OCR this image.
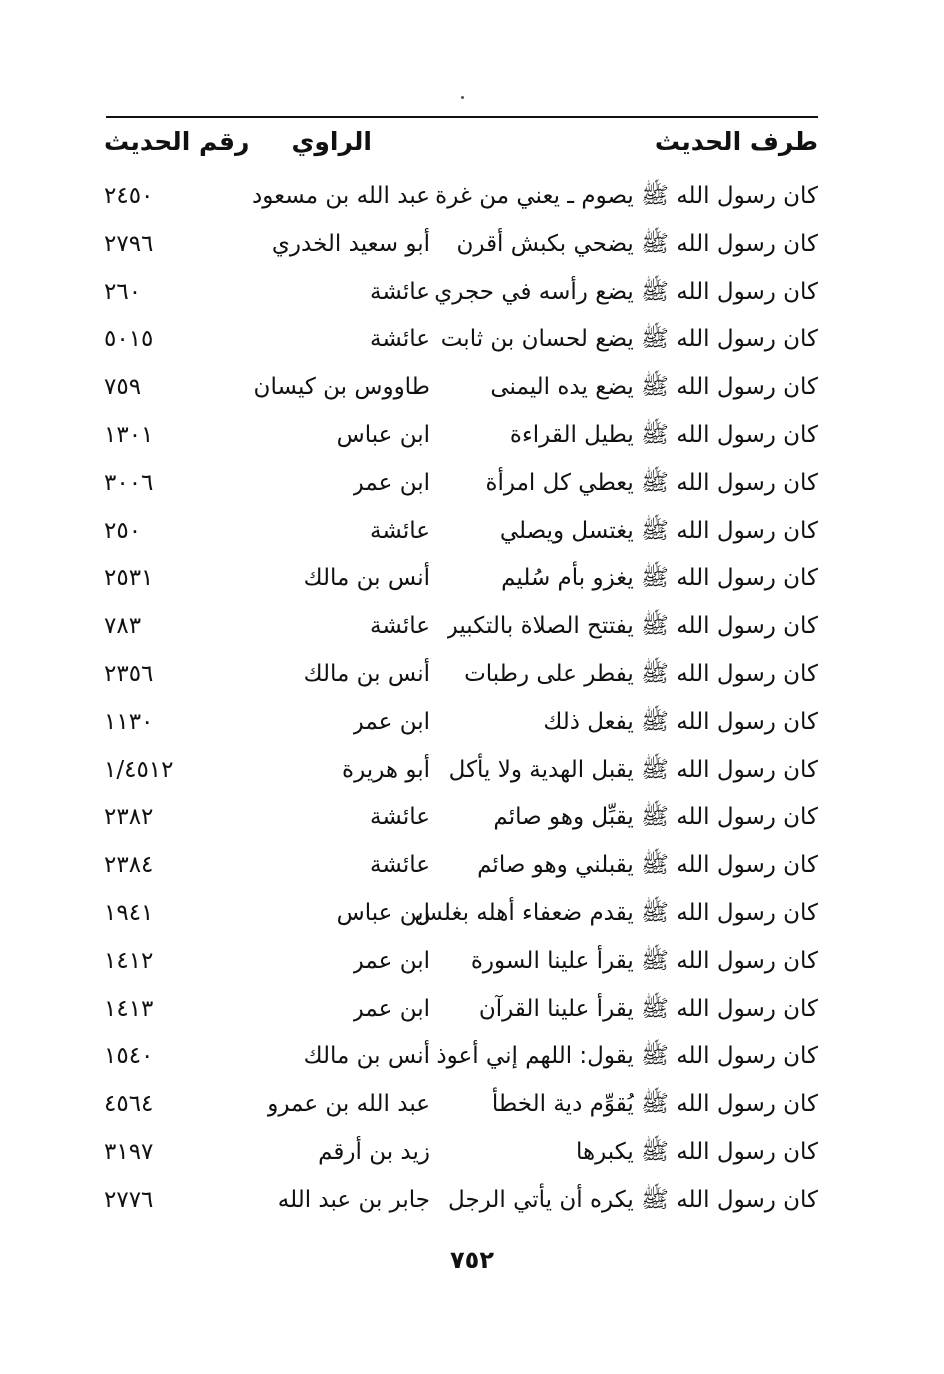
طرف الحديث
الراوي
رقم الحديث
كان رسول الله ﷺ يصوم ـ يعني من غرة
عبد الله بن مسعود
٢٤٥٠
كان رسول الله ﷺ يضحي بكبش أقرن
أبو سعيد الخدري
٢٧٩٦
كان رسول الله ﷺ يضع رأسه في حجري
عائشة
٢٦٠
كان رسول الله ﷺ يضع لحسان بن ثابت
عائشة
٥٠١٥
كان رسول الله ﷺ يضع يده اليمنى
طاووس بن كيسان
٧٥٩
كان رسول الله ﷺ يطيل القراءة
ابن عباس
١٣٠١
كان رسول الله ﷺ يعطي كل امرأة
ابن عمر
٣٠٠٦
كان رسول الله ﷺ يغتسل ويصلي
عائشة
٢٥٠
كان رسول الله ﷺ يغزو بأم سُليم
أنس بن مالك
٢٥٣١
كان رسول الله ﷺ يفتتح الصلاة بالتكبير
عائشة
٧٨٣
كان رسول الله ﷺ يفطر على رطبات
أنس بن مالك
٢٣٥٦
كان رسول الله ﷺ يفعل ذلك
ابن عمر
١١٣٠
كان رسول الله ﷺ يقبل الهدية ولا يأكل
أبو هريرة
١/٤٥١٢
كان رسول الله ﷺ يقبِّل وهو صائم
عائشة
٢٣٨٢
كان رسول الله ﷺ يقبلني وهو صائم
عائشة
٢٣٨٤
كان رسول الله ﷺ يقدم ضعفاء أهله بغلس
ابن عباس
١٩٤١
كان رسول الله ﷺ يقرأ علينا السورة
ابن عمر
١٤١٢
كان رسول الله ﷺ يقرأ علينا القرآن
ابن عمر
١٤١٣
كان رسول الله ﷺ يقول: اللهم إني أعوذ
أنس بن مالك
١٥٤٠
كان رسول الله ﷺ يُقوِّم دية الخطأ
عبد الله بن عمرو
٤٥٦٤
كان رسول الله ﷺ يكبرها
زيد بن أرقم
٣١٩٧
كان رسول الله ﷺ يكره أن يأتي الرجل
جابر بن عبد الله
٢٧٧٦
٧٥٢
